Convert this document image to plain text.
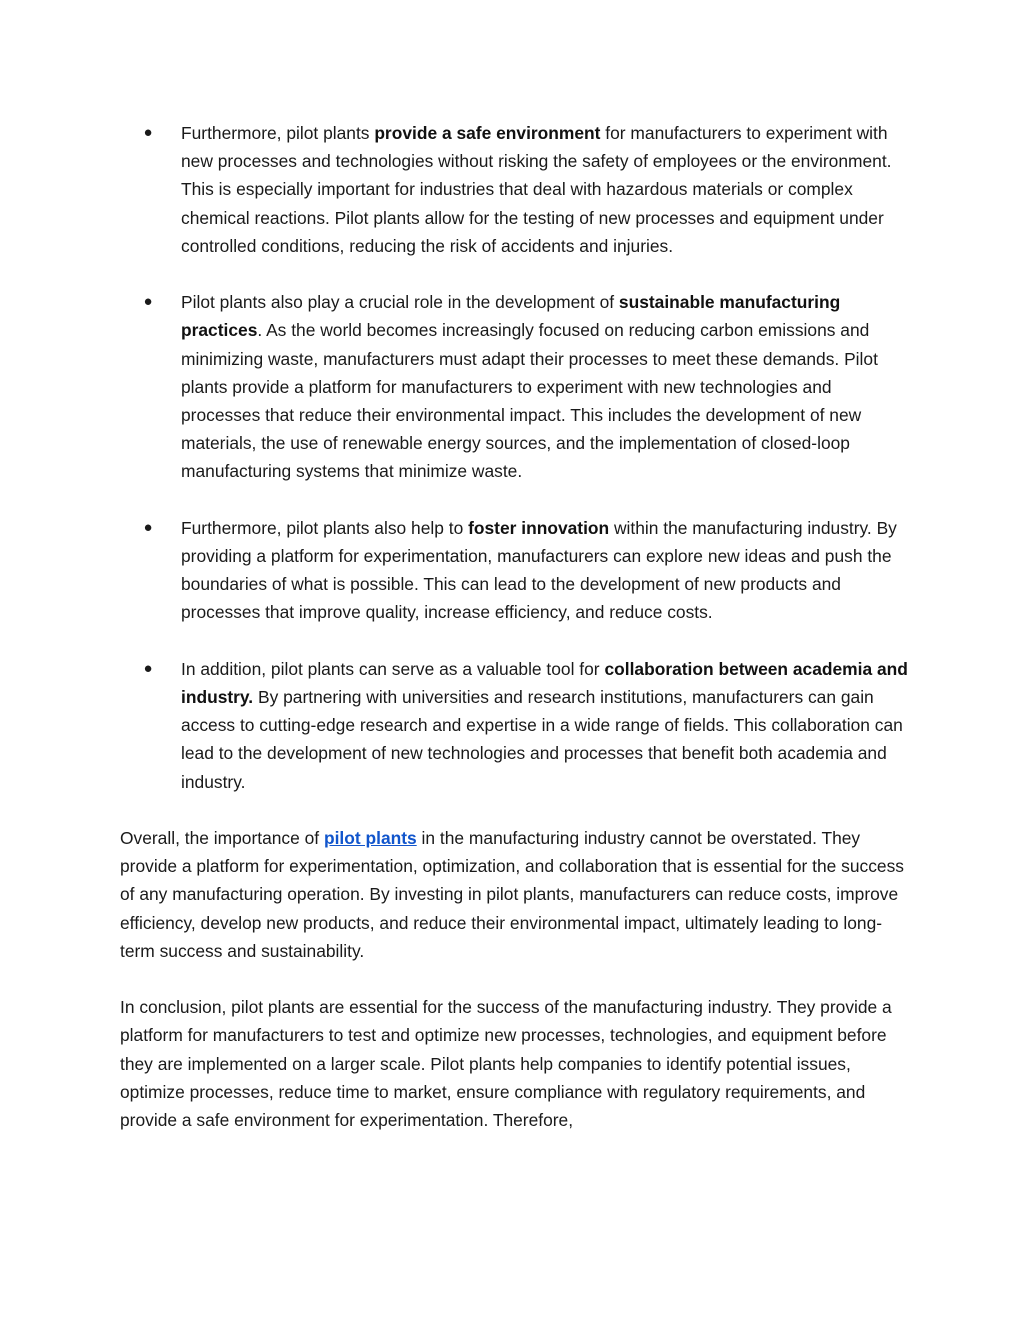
●	Furthermore, pilot plants provide a safe environment for manufacturers to experiment with new processes and technologies without risking the safety of employees or the environment. This is especially important for industries that deal with hazardous materials or complex chemical reactions. Pilot plants allow for the testing of new processes and equipment under controlled conditions, reducing the risk of accidents and injuries.
●	Pilot plants also play a crucial role in the development of sustainable manufacturing practices. As the world becomes increasingly focused on reducing carbon emissions and minimizing waste, manufacturers must adapt their processes to meet these demands. Pilot plants provide a platform for manufacturers to experiment with new technologies and processes that reduce their environmental impact. This includes the development of new materials, the use of renewable energy sources, and the implementation of closed-loop manufacturing systems that minimize waste.
●	Furthermore, pilot plants also help to foster innovation within the manufacturing industry. By providing a platform for experimentation, manufacturers can explore new ideas and push the boundaries of what is possible. This can lead to the development of new products and processes that improve quality, increase efficiency, and reduce costs.
●	In addition, pilot plants can serve as a valuable tool for collaboration between academia and industry. By partnering with universities and research institutions, manufacturers can gain access to cutting-edge research and expertise in a wide range of fields. This collaboration can lead to the development of new technologies and processes that benefit both academia and industry.

Overall, the importance of pilot plants in the manufacturing industry cannot be overstated. They provide a platform for experimentation, optimization, and collaboration that is essential for the success of any manufacturing operation. By investing in pilot plants, manufacturers can reduce costs, improve efficiency, develop new products, and reduce their environmental impact, ultimately leading to long-term success and sustainability.

In conclusion, pilot plants are essential for the success of the manufacturing industry. They provide a platform for manufacturers to test and optimize new processes, technologies, and equipment before they are implemented on a larger scale. Pilot plants help companies to identify potential issues, optimize processes, reduce time to market, ensure compliance with regulatory requirements, and provide a safe environment for experimentation. Therefore,
